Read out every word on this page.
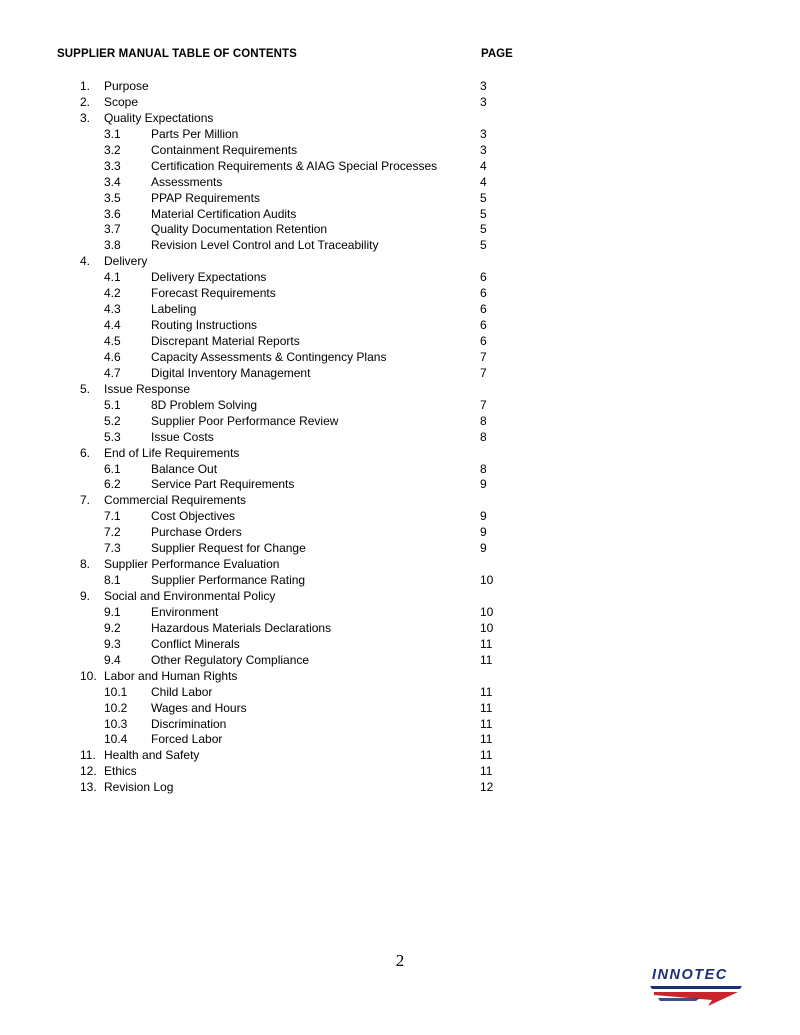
SUPPLIER MANUAL TABLE OF CONTENTS	PAGE
1. Purpose	3
2. Scope	3
3. Quality Expectations
3.1	Parts Per Million	3
3.2	Containment Requirements	3
3.3	Certification Requirements & AIAG Special Processes	4
3.4	Assessments	4
3.5	PPAP Requirements	5
3.6	Material Certification Audits	5
3.7	Quality Documentation Retention	5
3.8	Revision Level Control and Lot Traceability	5
4. Delivery
4.1	Delivery Expectations	6
4.2	Forecast Requirements	6
4.3	Labeling	6
4.4	Routing Instructions	6
4.5	Discrepant Material Reports	6
4.6	Capacity Assessments & Contingency Plans	7
4.7	Digital Inventory Management	7
5. Issue Response
5.1	8D Problem Solving	7
5.2	Supplier Poor Performance Review	8
5.3	Issue Costs	8
6. End of Life Requirements
6.1	Balance Out	8
6.2	Service Part Requirements	9
7. Commercial Requirements
7.1	Cost Objectives	9
7.2	Purchase Orders	9
7.3	Supplier Request for Change	9
8. Supplier Performance Evaluation
8.1	Supplier Performance Rating	10
9. Social and Environmental Policy
9.1	Environment	10
9.2	Hazardous Materials Declarations	10
9.3	Conflict Minerals	11
9.4	Other Regulatory Compliance	11
10. Labor and Human Rights
10.1 Child Labor	11
10.2 Wages and Hours	11
10.3 Discrimination	11
10.4 Forced Labor	11
11. Health and Safety	11
12. Ethics	11
13. Revision Log	12
2
INNOTEC
